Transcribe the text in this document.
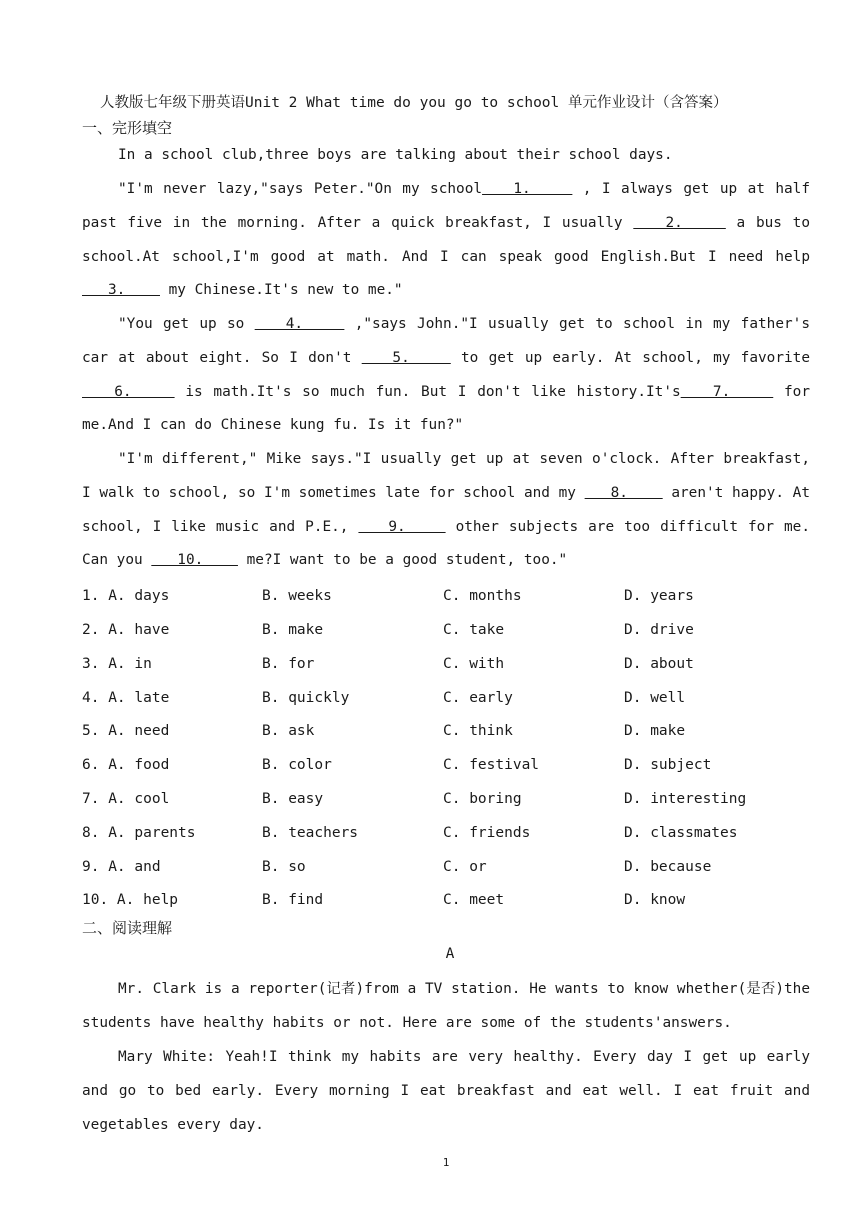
人教版七年级下册英语Unit 2 What time do you go to school 单元作业设计（含答案）
一、完形填空
In a school club,three boys are talking about their school days.
"I'm never lazy,"says Peter."On my school   1.     , I always get up at half past five in the morning. After a quick breakfast, I usually    2.     a bus to school.At school,I'm good at math. And I can speak good English.But I need help   3.     my Chinese.It's new to me."
"You get up so    4.     ,"says John."I usually get to school in my father's car at about eight. So I don't    5.     to get up early. At school, my favorite   6.     is math.It's so much fun. But I don't like history.It's   7.     for me.And I can do Chinese kung fu. Is it fun?"
"I'm different," Mike says."I usually get up at seven o'clock. After breakfast, I walk to school, so I'm sometimes late for school and my    8.     aren't happy. At school, I like music and P.E.,    9.     other subjects are too difficult for me. Can you    10.     me?I want to be a good student, too."
1. A. days	B. weeks	C. months	D. years
2. A. have	B. make	C. take	D. drive
3. A. in	B. for	C. with	D. about
4. A. late	B. quickly	C. early	D. well
5. A. need	B. ask	C. think	D. make
6. A. food	B. color	C. festival	D. subject
7. A. cool	B. easy	C. boring	D. interesting
8. A. parents	B. teachers	C. friends	D. classmates
9. A. and	B. so	C. or	D. because
10. A. help	B. find	C. meet	D. know
二、阅读理解
A
Mr. Clark is a reporter(记者)from a TV station. He wants to know whether(是否)the students have healthy habits or not. Here are some of the students'answers.
Mary White: Yeah!I think my habits are very healthy. Every day I get up early and go to bed early. Every morning I eat breakfast and eat well. I eat fruit and vegetables every day.
1
